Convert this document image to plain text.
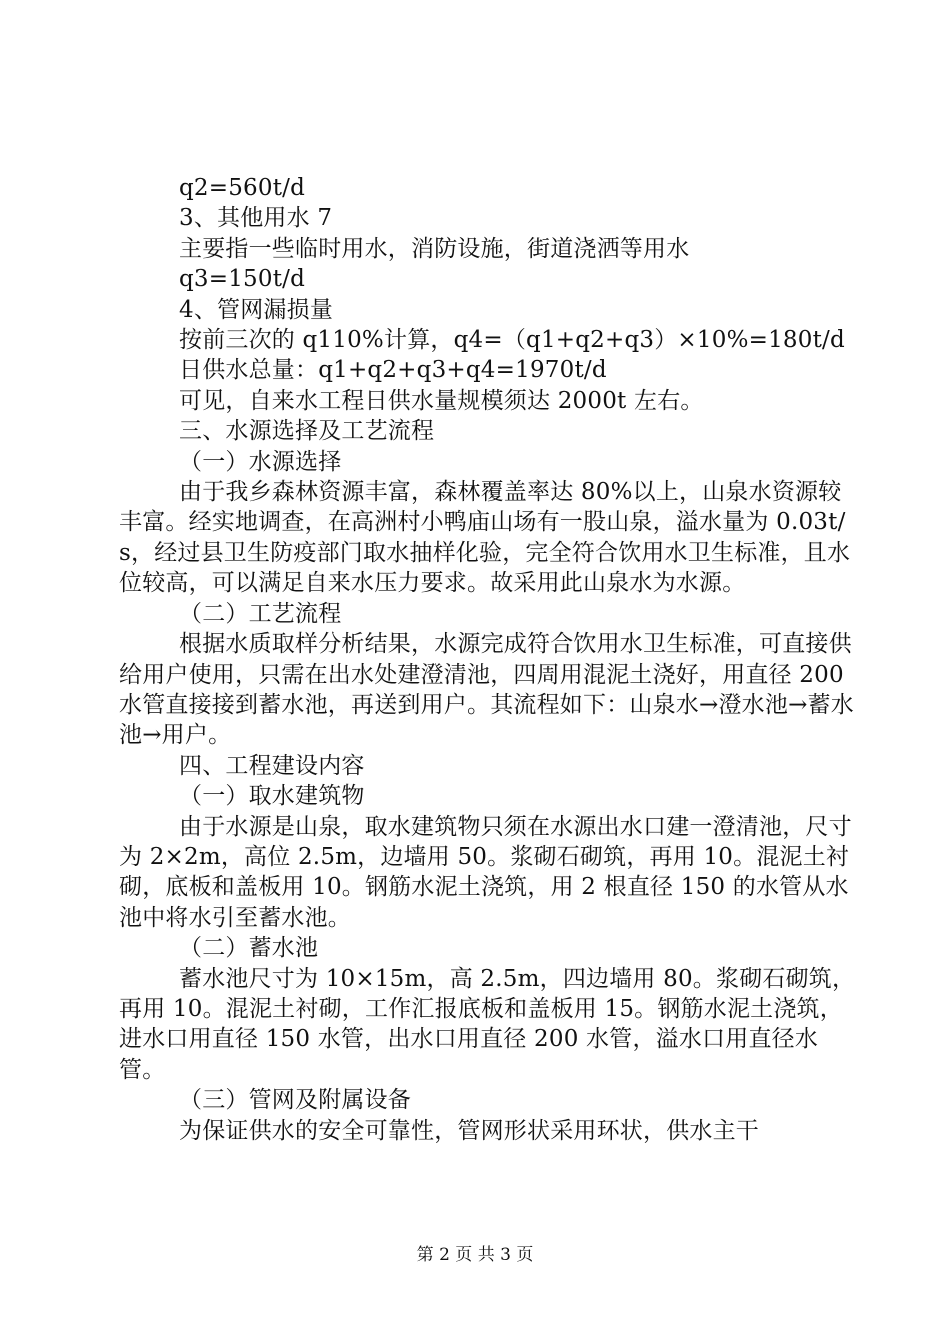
q2=560t/d

3、其他用水 7

主要指一些临时用水，消防设施，街道浇洒等用水

q3=150t/d

4、管网漏损量

按前三次的 q110%计算，q4=（q1+q2+q3）×10%=180t/d

日供水总量：q1+q2+q3+q4=1970t/d

可见，自来水工程日供水量规模须达 2000t 左右。

三、水源选择及工艺流程

（一）水源选择

由于我乡森林资源丰富，森林覆盖率达 80%以上，山泉水资源较丰富。经实地调查，在高洲村小鸭庙山场有一股山泉，溢水量为 0.03t/s，经过县卫生防疫部门取水抽样化验，完全符合饮用水卫生标准，且水位较高，可以满足自来水压力要求。故采用此山泉水为水源。

（二）工艺流程

根据水质取样分析结果，水源完成符合饮用水卫生标准，可直接供给用户使用，只需在出水处建澄清池，四周用混泥土浇好，用直径 200 水管直接接到蓄水池，再送到用户。其流程如下：山泉水→澄水池→蓄水池→用户。

四、工程建设内容

（一）取水建筑物

由于水源是山泉，取水建筑物只须在水源出水口建一澄清池，尺寸为 2×2m，高位 2.5m，边墙用 50。浆砌石砌筑，再用 10。混泥土衬砌，底板和盖板用 10。钢筋水泥土浇筑，用 2 根直径 150 的水管从水池中将水引至蓄水池。

（二）蓄水池

蓄水池尺寸为 10×15m，高 2.5m，四边墙用 80。浆砌石砌筑，再用 10。混泥土衬砌，工作汇报底板和盖板用 15。钢筋水泥土浇筑，进水口用直径 150 水管，出水口用直径 200 水管，溢水口用直径水管。

（三）管网及附属设备

为保证供水的安全可靠性，管网形状采用环状，供水主干

第 2 页 共 3 页
